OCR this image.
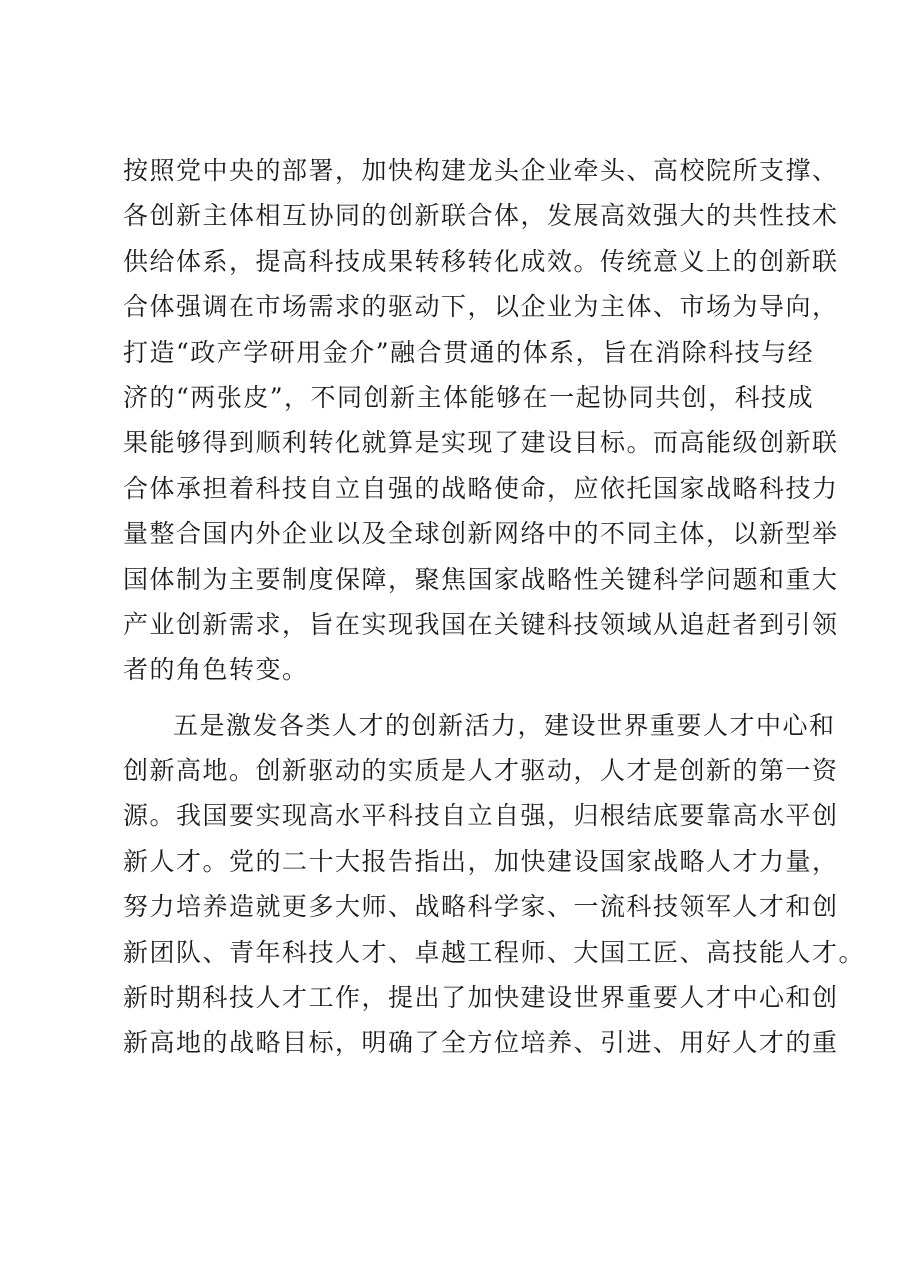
按照党中央的部署，加快构建龙头企业牵头、高校院所支撑、
各创新主体相互协同的创新联合体，发展高效强大的共性技术
供给体系，提高科技成果转移转化成效。传统意义上的创新联
合体强调在市场需求的驱动下，以企业为主体、市场为导向，
打造“政产学研用金介”融合贯通的体系，旨在消除科技与经
济的“两张皮”，不同创新主体能够在一起协同共创，科技成
果能够得到顺利转化就算是实现了建设目标。而高能级创新联
合体承担着科技自立自强的战略使命，应依托国家战略科技力
量整合国内外企业以及全球创新网络中的不同主体，以新型举
国体制为主要制度保障，聚焦国家战略性关键科学问题和重大
产业创新需求，旨在实现我国在关键科技领域从追赶者到引领
者的角色转变。
五是激发各类人才的创新活力，建设世界重要人才中心和
创新高地。创新驱动的实质是人才驱动，人才是创新的第一资
源。我国要实现高水平科技自立自强，归根结底要靠高水平创
新人才。党的二十大报告指出，加快建设国家战略人才力量，
努力培养造就更多大师、战略科学家、一流科技领军人才和创
新团队、青年科技人才、卓越工程师、大国工匠、高技能人才。
新时期科技人才工作，提出了加快建设世界重要人才中心和创
新高地的战略目标，明确了全方位培养、引进、用好人才的重
